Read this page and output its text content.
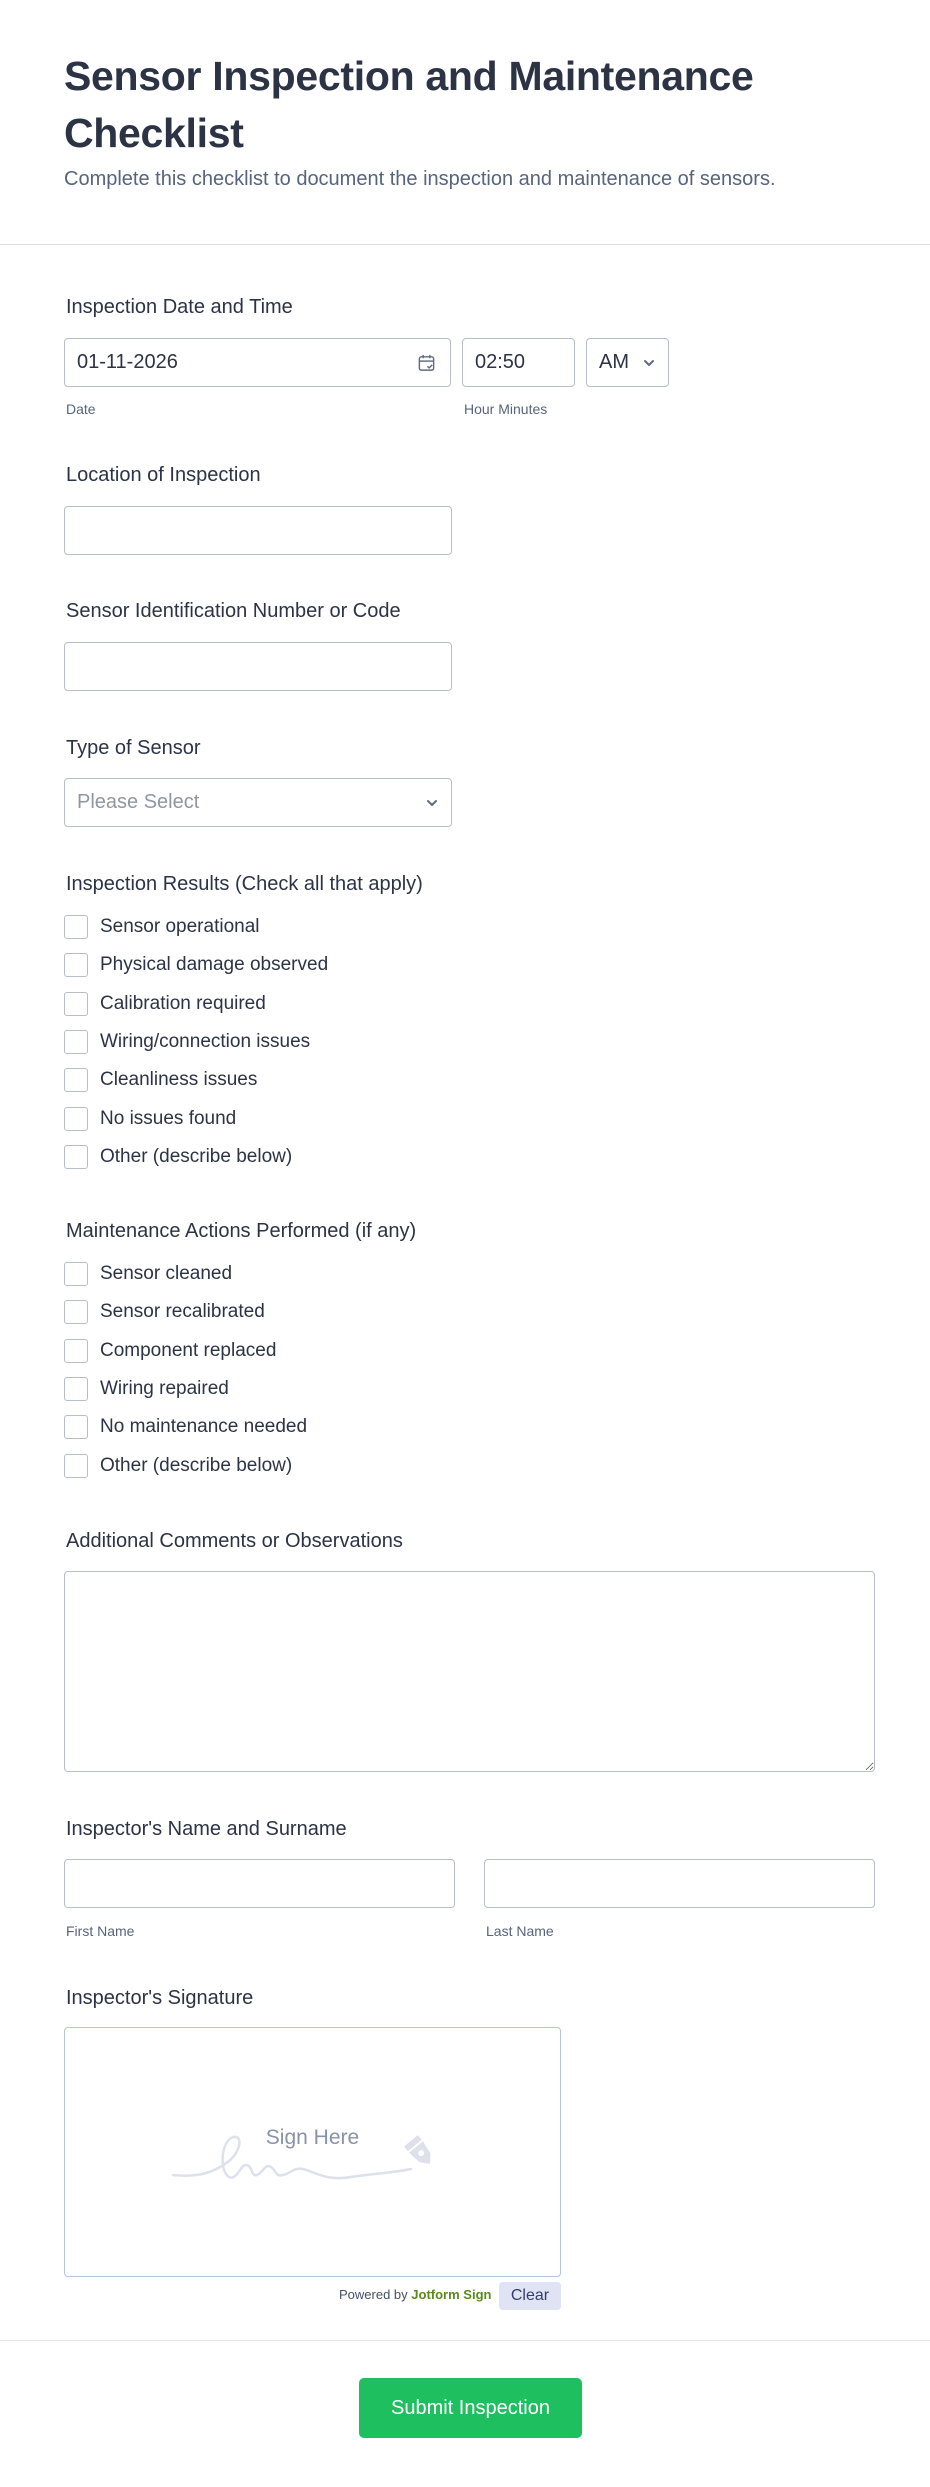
Sensor Inspection and Maintenance Checklist

Complete this checklist to document the inspection and maintenance of sensors.

Inspection Date and Time
01-11-2026
Date
02:50
Hour Minutes
AM
Location of Inspection
Sensor Identification Number or Code
Type of Sensor
Please Select
Inspection Results (Check all that apply)
Sensor operational
Physical damage observed
Calibration required
Wiring/connection issues
Cleanliness issues
No issues found
Other (describe below)
Maintenance Actions Performed (if any)
Sensor cleaned
Sensor recalibrated
Component replaced
Wiring repaired
No maintenance needed
Other (describe below)
Additional Comments or Observations
Inspector's Name and Surname
First Name	Last Name
Inspector's Signature
Sign Here
Powered by Jotform Sign	Clear
Submit Inspection
